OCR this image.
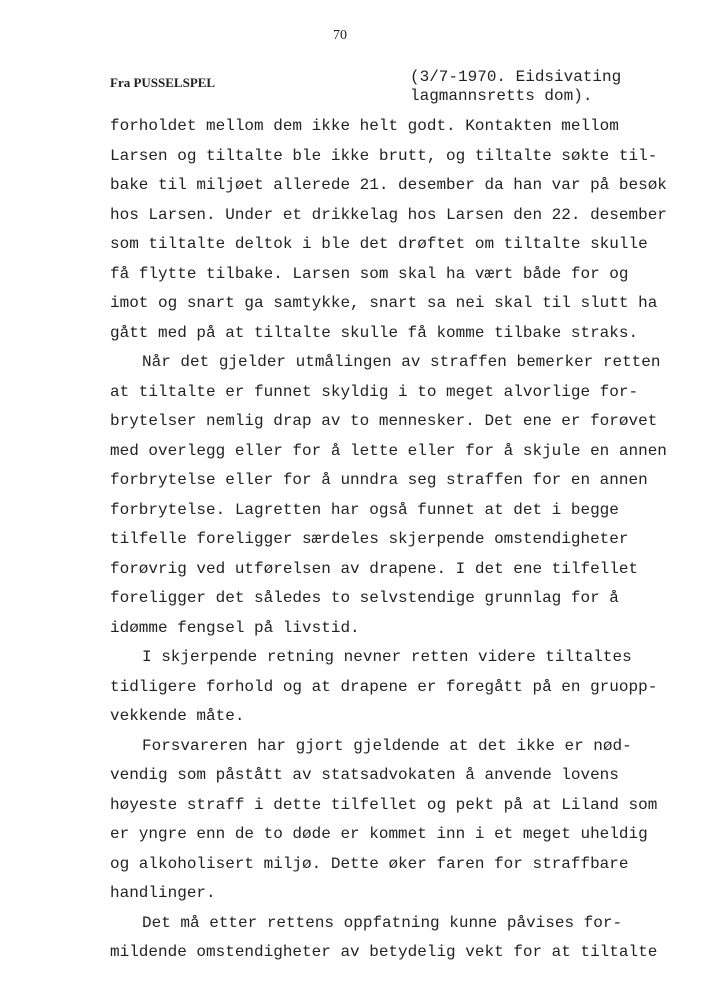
70
Fra PUSSELSPEL	(3/7-1970. Eidsivating
lagmannsretts dom).
forholdet mellom dem ikke helt godt. Kontakten mellom
Larsen og tiltalte ble ikke brutt, og tiltalte søkte til-
bake til miljøet allerede 21. desember da han var på besøk
hos Larsen. Under et drikkelag hos Larsen den 22. desember
som tiltalte deltok i ble det drøftet om tiltalte skulle
få flytte tilbake. Larsen som skal ha vært både for og
imot og snart ga samtykke, snart sa nei skal til slutt ha
gått med på at tiltalte skulle få komme tilbake straks.
Når det gjelder utmålingen av straffen bemerker retten
at tiltalte er funnet skyldig i to meget alvorlige for-
brytelser nemlig drap av to mennesker. Det ene er forøvet
med overlegg eller for å lette eller for å skjule en annen
forbrytelse eller for å unndra seg straffen for en annen
forbrytelse. Lagretten har også funnet at det i begge
tilfelle foreligger særdeles skjerpende omstendigheter
forøvrig ved utførelsen av drapene. I det ene tilfellet
foreligger det således to selvstendige grunnlag for å
idømme fengsel på livstid.
I skjerpende retning nevner retten videre tiltaltes
tidligere forhold og at drapene er foregått på en gruopp-
vekkende måte.
Forsvareren har gjort gjeldende at det ikke er nød-
vendig som påstått av statsadvokaten å anvende lovens
høyeste straff i dette tilfellet og pekt på at Liland som
er yngre enn de to døde er kommet inn i et meget uheldig
og alkoholisert miljø. Dette øker faren for straffbare
handlinger.
Det må etter rettens oppfatning kunne påvises for-
mildende omstendigheter av betydelig vekt for at tiltalte
